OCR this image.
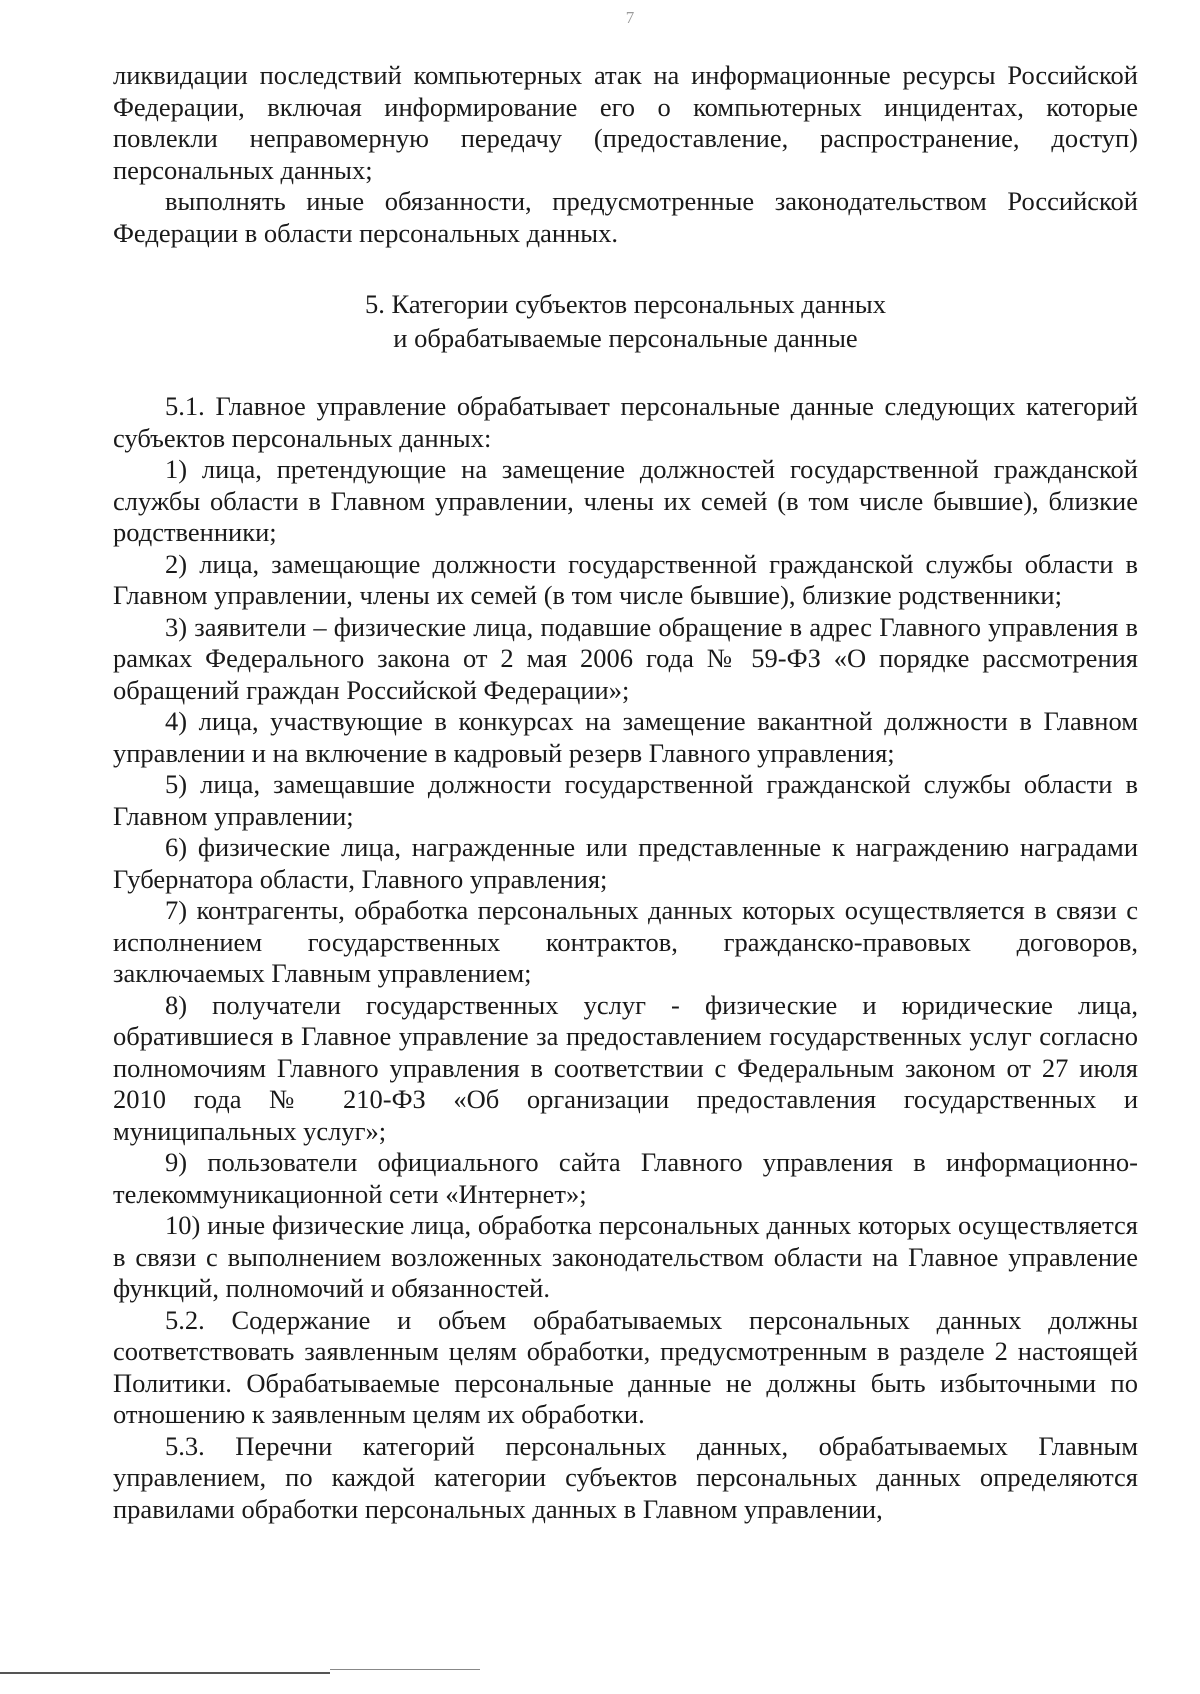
7

ликвидации последствий компьютерных атак на информационные ресурсы Российской Федерации, включая информирование его о компьютерных инцидентах, которые повлекли неправомерную передачу (предоставление, распространение, доступ) персональных данных;

выполнять иные обязанности, предусмотренные законодательством Российской Федерации в области персональных данных.

5. Категории субъектов персональных данных
и обрабатываемые персональные данные

5.1. Главное управление обрабатывает персональные данные следующих категорий субъектов персональных данных:

1) лица, претендующие на замещение должностей государственной гражданской службы области в Главном управлении, члены их семей (в том числе бывшие), близкие родственники;

2) лица, замещающие должности государственной гражданской службы области в Главном управлении, члены их семей (в том числе бывшие), близкие родственники;

3) заявители – физические лица, подавшие обращение в адрес Главного управления в рамках Федерального закона от 2 мая 2006 года № 59-ФЗ «О порядке рассмотрения обращений граждан Российской Федерации»;

4) лица, участвующие в конкурсах на замещение вакантной должности в Главном управлении и на включение в кадровый резерв Главного управления;

5) лица, замещавшие должности государственной гражданской службы области в Главном управлении;

6) физические лица, награжденные или представленные к награждению наградами Губернатора области, Главного управления;

7) контрагенты, обработка персональных данных которых осуществляется в связи с исполнением государственных контрактов, гражданско-правовых договоров, заключаемых Главным управлением;

8) получатели государственных услуг - физические и юридические лица, обратившиеся в Главное управление за предоставлением государственных услуг согласно полномочиям Главного управления в соответствии с Федеральным законом от 27 июля 2010 года № 210-ФЗ «Об организации предоставления государственных и муниципальных услуг»;

9) пользователи официального сайта Главного управления в информационно-телекоммуникационной сети «Интернет»;

10) иные физические лица, обработка персональных данных которых осуществляется в связи с выполнением возложенных законодательством области на Главное управление функций, полномочий и обязанностей.

5.2. Содержание и объем обрабатываемых персональных данных должны соответствовать заявленным целям обработки, предусмотренным в разделе 2 настоящей Политики. Обрабатываемые персональные данные не должны быть избыточными по отношению к заявленным целям их обработки.

5.3. Перечни категорий персональных данных, обрабатываемых Главным управлением, по каждой категории субъектов персональных данных определяются правилами обработки персональных данных в Главном управлении,
